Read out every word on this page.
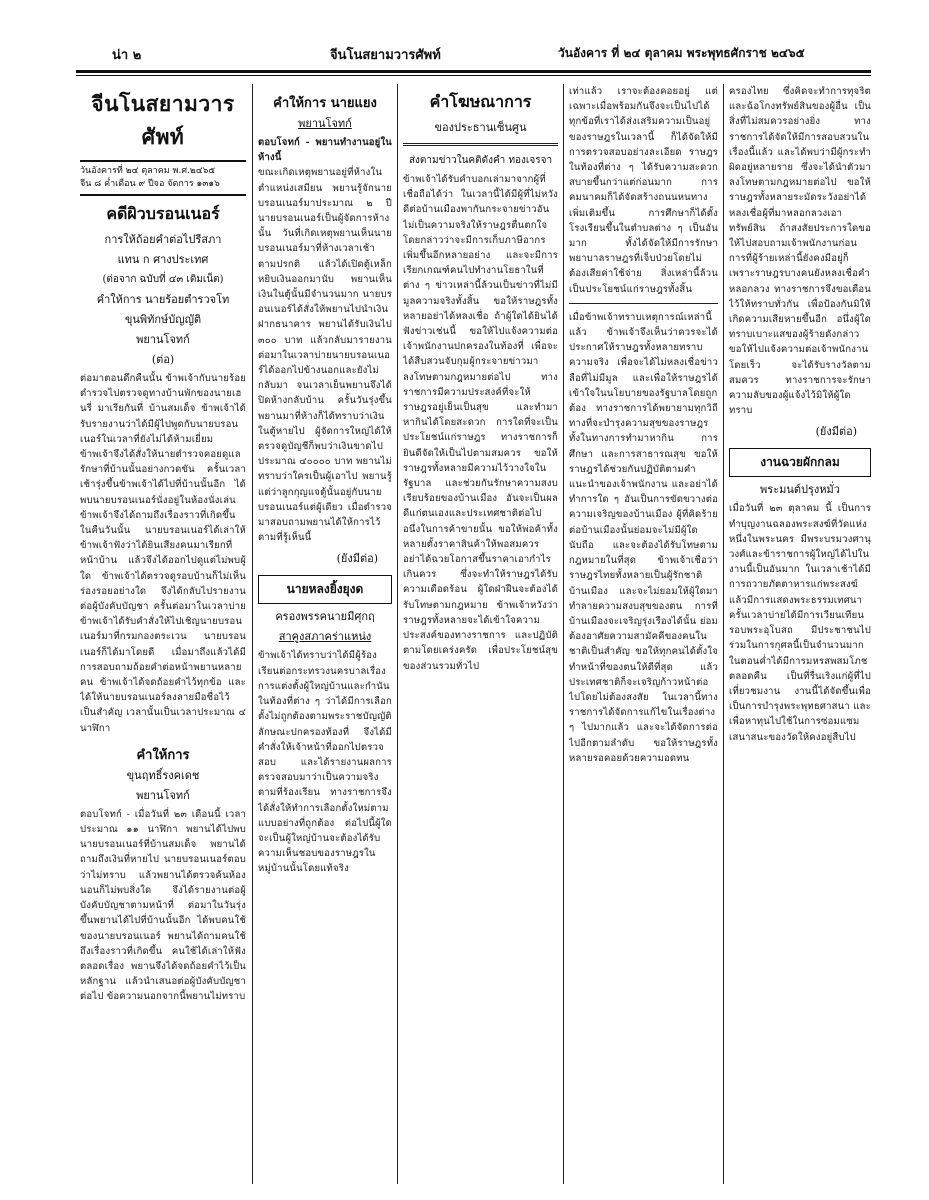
น่า ๒	จีนโนสยามวารศัพท์	วันอังคาร ที่ ๒๔ ตุลาคม พระพุทธศักราช ๒๔๖๕
จีนโนสยามวารศัพท์
วันอังคารที่ ๒๔ ตุลาคม พ.ศ.๒๔๖๕
จีน ๘ ค่ำเดือน ๙ ปีจอ จัดการ ๑๓๑๖
คดีผิวบรอนเนอร์
การให้ถ้อยคำต่อไปรีสภา
แทน ก ศางประเทศ
(ต่อจาก ฉบับที่ ๔๓ เติมเน็ต)
คำให้การ นายร้อยตำรวจโท
ขุนพิทักษ์บัญญัติ
พยานโจทก์
(ต่อ)
ต่อมาตอนดึกคืนนั้น ข้าพเจ้ากับนายร้อยตำรวจไปตรวจดูทางบ้านพักของนายเฮนรี่ มาเรียกันที่ บ้านสมเด็จ ข้าพเจ้าได้รับรายงานว่าได้มีผู้ไปพูดกับนายบรอนเนอร์ในเวลาที่ยังไม่ได้ห้ามเยี่ยม ข้าพเจ้าจึงได้สั่งให้นายตำรวจคอยดูแลรักษาที่บ้านนั้นอย่างกวดขัน ครั้นเวลาเช้ารุ่งขึ้นข้าพเจ้าได้ไปที่บ้านนั้นอีก ได้พบนายบรอนเนอร์นั่งอยู่ในห้องนั่งเล่น ข้าพเจ้าจึงได้ถามถึงเรื่องราวที่เกิดขึ้นในคืนวันนั้น นายบรอนเนอร์ได้เล่าให้ข้าพเจ้าฟังว่าได้ยินเสียงคนมาเรียกที่หน้าบ้าน แล้วจึงได้ออกไปดูแต่ไม่พบผู้ใด ข้าพเจ้าได้ตรวจดูรอบบ้านก็ไม่เห็นร่องรอยอย่างใด จึงได้กลับไปรายงานต่อผู้บังคับบัญชา ครั้นต่อมาในเวลาบ่ายข้าพเจ้าได้รับคำสั่งให้ไปเชิญนายบรอนเนอร์มาที่กรมกองตระเวน นายบรอนเนอร์ก็ได้มาโดยดี เมื่อมาถึงแล้วได้มีการสอบถามถ้อยคำต่อหน้าพยานหลายคน ข้าพเจ้าได้จดถ้อยคำไว้ทุกข้อ และได้ให้นายบรอนเนอร์ลงลายมือชื่อไว้เป็นสำคัญ เวลานั้นเป็นเวลาประมาณ ๔ นาฬิกา
คำให้การ
ขุนฤทธิ์รงคเดช
พยานโจทก์
ตอบโจทก์ - เมื่อวันที่ ๒๓ เดือนนี้ เวลาประมาณ ๑๑ นาฬิกา พยานได้ไปพบนายบรอนเนอร์ที่บ้านสมเด็จ พยานได้ถามถึงเงินที่หายไป นายบรอนเนอร์ตอบว่าไม่ทราบ แล้วพยานได้ตรวจค้นห้องนอนก็ไม่พบสิ่งใด จึงได้รายงานต่อผู้บังคับบัญชาตามหน้าที่ ต่อมาในวันรุ่งขึ้นพยานได้ไปที่บ้านนั้นอีก ได้พบคนใช้ของนายบรอนเนอร์ พยานได้ถามคนใช้ถึงเรื่องราวที่เกิดขึ้น คนใช้ได้เล่าให้ฟังตลอดเรื่อง พยานจึงได้จดถ้อยคำไว้เป็นหลักฐาน แล้วนำเสนอต่อผู้บังคับบัญชาต่อไป ข้อความนอกจากนี้พยานไม่ทราบ
คำให้การ นายแยง
พยานโจทก์
ตอบโจทก์ - พยานทำงานอยู่ในห้างนี้
ขณะเกิดเหตุพยานอยู่ที่ห้างในตำแหน่งเสมียน พยานรู้จักนายบรอนเนอร์มาประมาณ ๒ ปี นายบรอนเนอร์เป็นผู้จัดการห้างนั้น วันที่เกิดเหตุพยานเห็นนายบรอนเนอร์มาที่ห้างเวลาเช้าตามปรกติ แล้วได้เปิดตู้เหล็กหยิบเงินออกมานับ พยานเห็นเงินในตู้นั้นมีจำนวนมาก นายบรอนเนอร์ได้สั่งให้พยานไปนำเงินฝากธนาคาร พยานได้รับเงินไป ๓๐๐ บาท แล้วกลับมารายงาน ต่อมาในเวลาบ่ายนายบรอนเนอร์ได้ออกไปข้างนอกและยังไม่กลับมา จนเวลาเย็นพยานจึงได้ปิดห้างกลับบ้าน ครั้นวันรุ่งขึ้นพยานมาที่ห้างก็ได้ทราบว่าเงินในตู้หายไป ผู้จัดการใหญ่ได้ให้ตรวจดูบัญชีก็พบว่าเงินขาดไปประมาณ ๔๐๐๐๐ บาท พยานไม่ทราบว่าใครเป็นผู้เอาไป พยานรู้แต่ว่าลูกกุญแจตู้นั้นอยู่กับนายบรอนเนอร์แต่ผู้เดียว เมื่อตำรวจมาสอบถามพยานได้ให้การไว้ตามที่รู้เห็นนี้
(ยังมีต่อ)
นายหลงยิ้งยุงด
ครองพรรคนายมีศุกฤ
สาคูงสภาคร่าแหน่ง
ข้าพเจ้าได้ทราบว่าได้มีผู้ร้องเรียนต่อกระทรวงนครบาลเรื่องการแต่งตั้งผู้ใหญ่บ้านและกำนันในท้องที่ต่าง ๆ ว่าได้มีการเลือกตั้งไม่ถูกต้องตามพระราชบัญญัติลักษณะปกครองท้องที่ จึงได้มีคำสั่งให้เจ้าหน้าที่ออกไปตรวจสอบ และได้รายงานผลการตรวจสอบมาว่าเป็นความจริงตามที่ร้องเรียน ทางราชการจึงได้สั่งให้ทำการเลือกตั้งใหม่ตามแบบอย่างที่ถูกต้อง ต่อไปนี้ผู้ใดจะเป็นผู้ใหญ่บ้านจะต้องได้รับความเห็นชอบของราษฎรในหมู่บ้านนั้นโดยแท้จริง
คำโฆษณาการ
ของประธานเซ็นศูน
ส่งตามข่าวในคติดังคำ ทองเจรจา
ข้าพเจ้าได้รับคำบอกเล่ามาจากผู้ที่เชื่อถือได้ว่า ในเวลานี้ได้มีผู้ที่ไม่หวังดีต่อบ้านเมืองพากันกระจายข่าวอันไม่เป็นความจริงให้ราษฎรตื่นตกใจ โดยกล่าวว่าจะมีการเก็บภาษีอากรเพิ่มขึ้นอีกหลายอย่าง และจะมีการเรียกเกณฑ์คนไปทำงานโยธาในที่ต่าง ๆ ข่าวเหล่านี้ล้วนเป็นข่าวที่ไม่มีมูลความจริงทั้งสิ้น ขอให้ราษฎรทั้งหลายอย่าได้หลงเชื่อ ถ้าผู้ใดได้ยินได้ฟังข่าวเช่นนี้ ขอให้ไปแจ้งความต่อเจ้าพนักงานปกครองในท้องที่ เพื่อจะได้สืบสวนจับกุมผู้กระจายข่าวมาลงโทษตามกฎหมายต่อไป ทางราชการมีความประสงค์ที่จะให้ราษฎรอยู่เย็นเป็นสุข และทำมาหากินได้โดยสะดวก การใดที่จะเป็นประโยชน์แก่ราษฎร ทางราชการก็ยินดีจัดให้เป็นไปตามสมควร ขอให้ราษฎรทั้งหลายมีความไว้วางใจในรัฐบาล และช่วยกันรักษาความสงบเรียบร้อยของบ้านเมือง อันจะเป็นผลดีแก่ตนเองและประเทศชาติต่อไป อนึ่งในการค้าขายนั้น ขอให้พ่อค้าทั้งหลายตั้งราคาสินค้าให้พอสมควร อย่าได้ฉวยโอกาสขึ้นราคาเอากำไรเกินควร ซึ่งจะทำให้ราษฎรได้รับความเดือดร้อน ผู้ใดฝ่าฝืนจะต้องได้รับโทษตามกฎหมาย ข้าพเจ้าหวังว่าราษฎรทั้งหลายจะได้เข้าใจความประสงค์ของทางราชการ และปฏิบัติตามโดยเคร่งครัด เพื่อประโยชน์สุขของส่วนรวมทั่วไป
เท่าแล้ว เราจะต้องคอยอยู่ แต่เฉพาะเมื่อพร้อมกันจึงจะเป็นไปได้ ทุกข้อที่เราได้ส่งเสริมความเป็นอยู่ของราษฎรในเวลานี้ ก็ได้จัดให้มีการตรวจสอบอย่างละเอียด ราษฎรในท้องที่ต่าง ๆ ได้รับความสะดวกสบายขึ้นกว่าแต่ก่อนมาก การคมนาคมก็ได้จัดสร้างถนนหนทางเพิ่มเติมขึ้น การศึกษาก็ได้ตั้งโรงเรียนขึ้นในตำบลต่าง ๆ เป็นอันมาก ทั้งได้จัดให้มีการรักษาพยาบาลราษฎรที่เจ็บป่วยโดยไม่ต้องเสียค่าใช้จ่าย สิ่งเหล่านี้ล้วนเป็นประโยชน์แก่ราษฎรทั้งสิ้น
เมื่อข้าพเจ้าทราบเหตุการณ์เหล่านี้แล้ว ข้าพเจ้าจึงเห็นว่าควรจะได้ประกาศให้ราษฎรทั้งหลายทราบความจริง เพื่อจะได้ไม่หลงเชื่อข่าวลือที่ไม่มีมูล และเพื่อให้ราษฎรได้เข้าใจในนโยบายของรัฐบาลโดยถูกต้อง ทางราชการได้พยายามทุกวิถีทางที่จะบำรุงความสุขของราษฎร ทั้งในทางการทำมาหากิน การศึกษา และการสาธารณสุข ขอให้ราษฎรได้ช่วยกันปฏิบัติตามคำแนะนำของเจ้าพนักงาน และอย่าได้ทำการใด ๆ อันเป็นการขัดขวางต่อความเจริญของบ้านเมือง ผู้ที่คิดร้ายต่อบ้านเมืองนั้นย่อมจะไม่มีผู้ใดนับถือ และจะต้องได้รับโทษตามกฎหมายในที่สุด ข้าพเจ้าเชื่อว่าราษฎรไทยทั้งหลายเป็นผู้รักชาติบ้านเมือง และจะไม่ยอมให้ผู้ใดมาทำลายความสงบสุขของตน การที่บ้านเมืองจะเจริญรุ่งเรืองได้นั้น ย่อมต้องอาศัยความสามัคคีของคนในชาติเป็นสำคัญ ขอให้ทุกคนได้ตั้งใจทำหน้าที่ของตนให้ดีที่สุด แล้วประเทศชาติก็จะเจริญก้าวหน้าต่อไปโดยไม่ต้องสงสัย ในเวลานี้ทางราชการได้จัดการแก้ไขในเรื่องต่าง ๆ ไปมากแล้ว และจะได้จัดการต่อไปอีกตามลำดับ ขอให้ราษฎรทั้งหลายรอคอยด้วยความอดทน
ครองไทย ซึ่งคิดจะทำการทุจริตและฉ้อโกงทรัพย์สินของผู้อื่น เป็นสิ่งที่ไม่สมควรอย่างยิ่ง ทางราชการได้จัดให้มีการสอบสวนในเรื่องนี้แล้ว และได้พบว่ามีผู้กระทำผิดอยู่หลายราย ซึ่งจะได้นำตัวมาลงโทษตามกฎหมายต่อไป ขอให้ราษฎรทั้งหลายระมัดระวังอย่าได้หลงเชื่อผู้ที่มาหลอกลวงเอาทรัพย์สิน ถ้าสงสัยประการใดขอให้ไปสอบถามเจ้าพนักงานก่อน การที่ผู้ร้ายเหล่านี้ยังคงมีอยู่ก็เพราะราษฎรบางคนยังหลงเชื่อคำหลอกลวง ทางราชการจึงขอเตือนไว้ให้ทราบทั่วกัน เพื่อป้องกันมิให้เกิดความเสียหายขึ้นอีก อนึ่งผู้ใดทราบเบาะแสของผู้ร้ายดังกล่าว ขอให้ไปแจ้งความต่อเจ้าพนักงานโดยเร็ว จะได้รับรางวัลตามสมควร ทางราชการจะรักษาความลับของผู้แจ้งไว้มิให้ผู้ใดทราบ
(ยังมีต่อ)
งานฉวยผักกลม
พระมนต์ปรุงหมั่ว
เมื่อวันที่ ๒๓ ตุลาคม นี้ เป็นการทำบุญงานฉลองพระสงฆ์ที่วัดแห่งหนึ่งในพระนคร มีพระบรมวงศานุวงศ์และข้าราชการผู้ใหญ่ได้ไปในงานนี้เป็นอันมาก ในเวลาเช้าได้มีการถวายภัตตาหารแก่พระสงฆ์ แล้วมีการแสดงพระธรรมเทศนา ครั้นเวลาบ่ายได้มีการเวียนเทียนรอบพระอุโบสถ มีประชาชนไปร่วมในการกุศลนี้เป็นจำนวนมาก ในตอนค่ำได้มีการมหรสพสมโภชตลอดคืน เป็นที่รื่นเริงแก่ผู้ที่ไปเที่ยวชมงาน งานนี้ได้จัดขึ้นเพื่อเป็นการบำรุงพระพุทธศาสนา และเพื่อหาทุนไปใช้ในการซ่อมแซมเสนาสนะของวัดให้คงอยู่สืบไป
